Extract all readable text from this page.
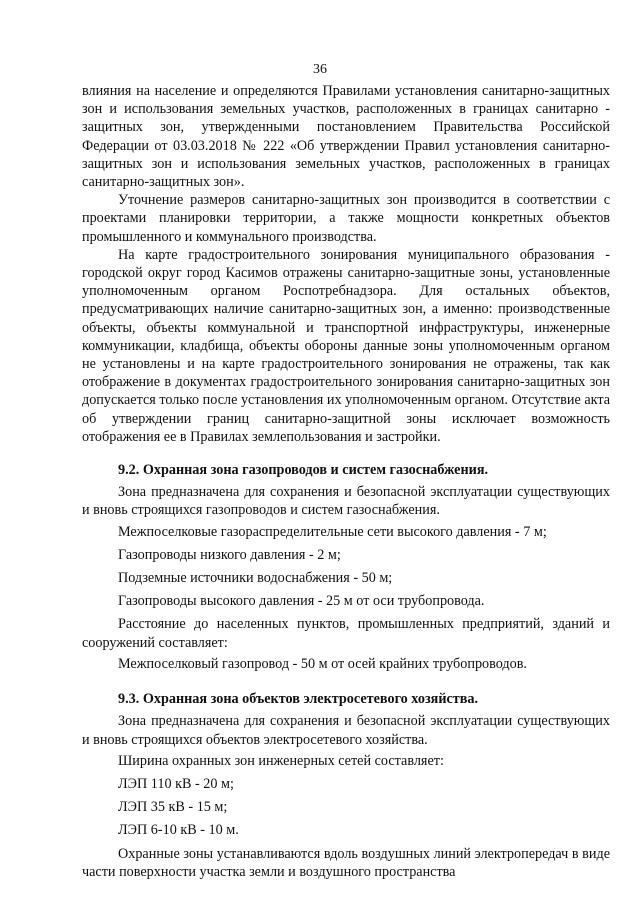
36

влияния на население и определяются Правилами установления санитарно-защитных зон и использования земельных участков, расположенных в границах санитарно - защитных зон, утвержденными постановлением Правительства Российской Федерации от 03.03.2018 № 222 «Об утверждении Правил установления санитарно-защитных зон и использования земельных участков, расположенных в границах санитарно-защитных зон».

Уточнение размеров санитарно-защитных зон производится в соответствии с проектами планировки территории, а также мощности конкретных объектов промышленного и коммунального производства.

На карте градостроительного зонирования муниципального образования - городской округ город Касимов отражены санитарно-защитные зоны, установленные уполномоченным органом Роспотребнадзора. Для остальных объектов, предусматривающих наличие санитарно-защитных зон, а именно: производственные объекты, объекты коммунальной и транспортной инфраструктуры, инженерные коммуникации, кладбища, объекты обороны данные зоны уполномоченным органом не установлены и на карте градостроительного зонирования не отражены, так как отображение в документах градостроительного зонирования санитарно-защитных зон допускается только после установления их уполномоченным органом. Отсутствие акта об утверждении границ санитарно-защитной зоны исключает возможность отображения ее в Правилах землепользования и застройки.

9.2. Охранная зона газопроводов и систем газоснабжения.

Зона предназначена для сохранения и безопасной эксплуатации существующих и вновь строящихся газопроводов и систем газоснабжения.

Межпоселковые газораспределительные сети высокого давления - 7 м;

Газопроводы низкого давления - 2 м;

Подземные источники водоснабжения - 50 м;

Газопроводы высокого давления - 25 м от оси трубопровода.

Расстояние до населенных пунктов, промышленных предприятий, зданий и сооружений составляет:

Межпоселковый газопровод - 50 м от осей крайних трубопроводов.

9.3. Охранная зона объектов электросетевого хозяйства.

Зона предназначена для сохранения и безопасной эксплуатации существующих и вновь строящихся объектов электросетевого хозяйства.

Ширина охранных зон инженерных сетей составляет:

ЛЭП 110 кВ - 20 м;

ЛЭП 35 кВ - 15 м;

ЛЭП 6-10 кВ - 10 м.

Охранные зоны устанавливаются вдоль воздушных линий электропередач в виде части поверхности участка земли и воздушного пространства
